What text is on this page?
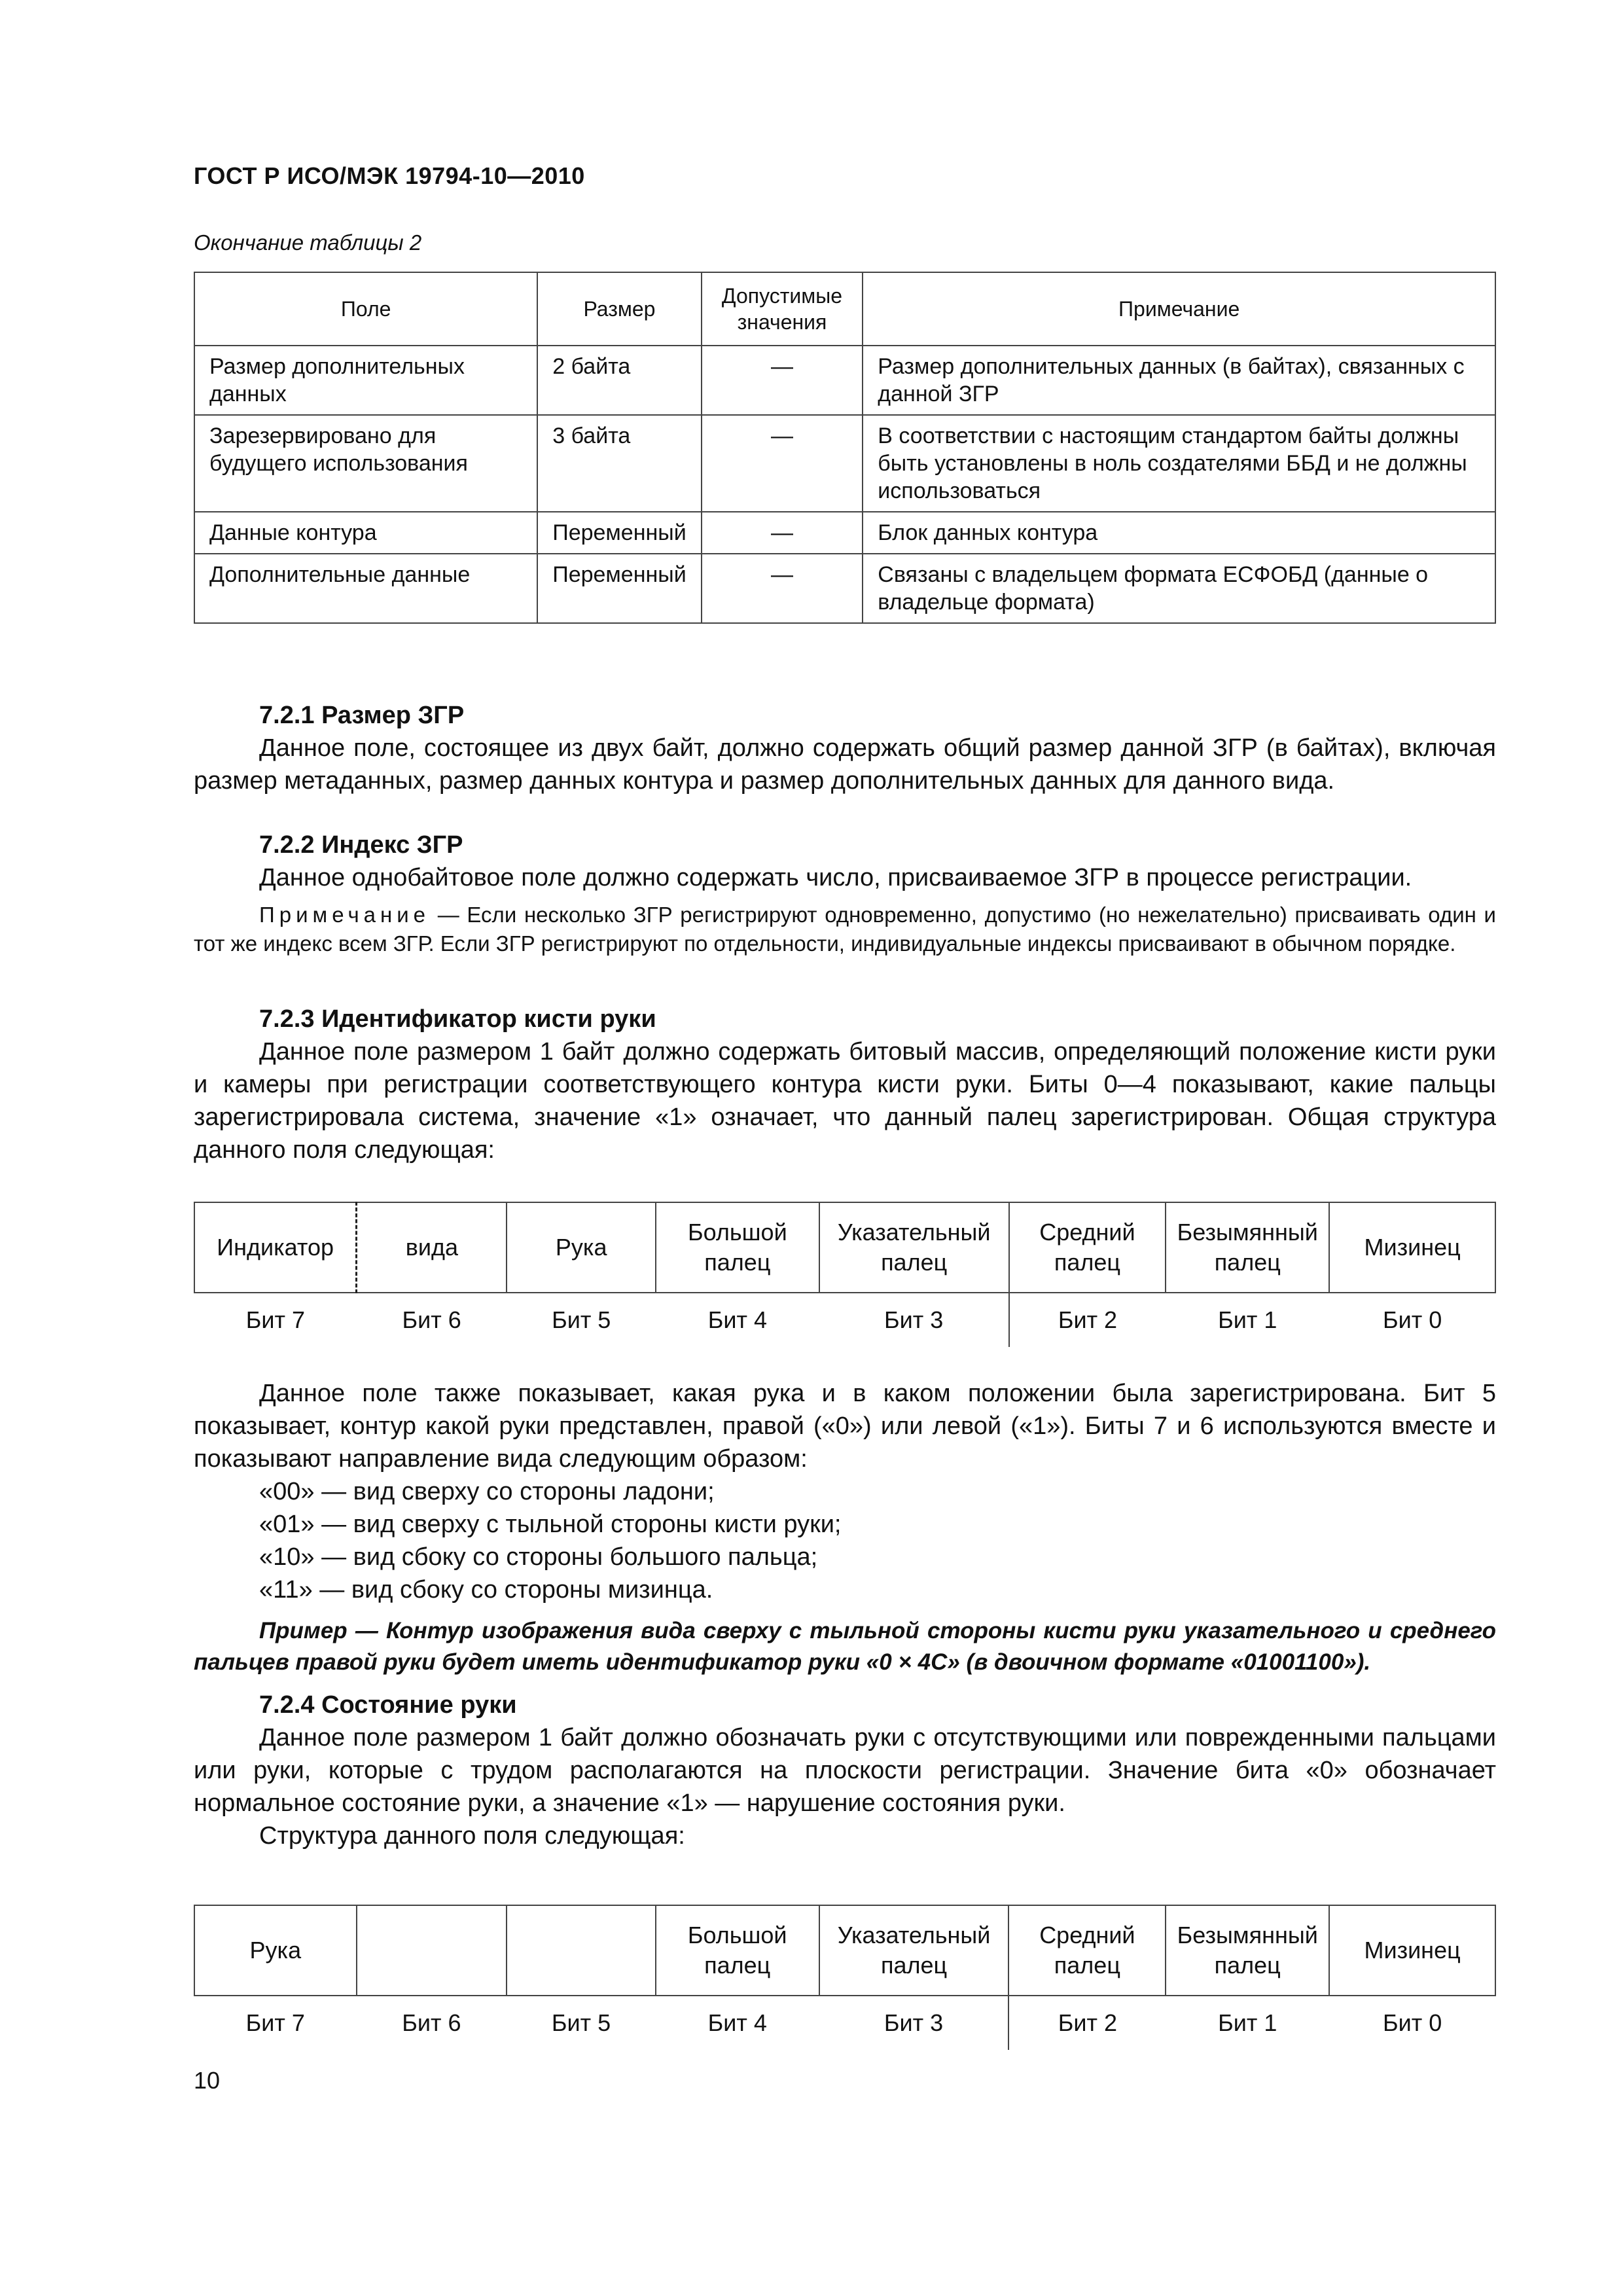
ГОСТ Р ИСО/МЭК 19794-10—2010
Окончание таблицы 2
Поле	Размер	Допустимые значения	Примечание
Размер дополнительных данных	2 байта	—	Размер дополнительных данных (в байтах), связанных с данной ЗГР
Зарезервировано для будущего использования	3 байта	—	В соответствии с настоящим стандартом байты должны быть установлены в ноль создателями ББД и не должны использоваться
Данные контура	Переменный	—	Блок данных контура
Дополнительные данные	Переменный	—	Связаны с владельцем формата ЕСФОБД (данные о владельце формата)
7.2.1 Размер ЗГР
Данное поле, состоящее из двух байт, должно содержать общий размер данной ЗГР (в байтах), включая размер метаданных, размер данных контура и размер дополнительных данных для данного вида.
7.2.2 Индекс ЗГР
Данное однобайтовое поле должно содержать число, присваиваемое ЗГР в процессе регистрации.
Примечание — Если несколько ЗГР регистрируют одновременно, допустимо (но нежелательно) присваивать один и тот же индекс всем ЗГР. Если ЗГР регистрируют по отдельности, индивидуальные индексы присваивают в обычном порядке.
7.2.3 Идентификатор кисти руки
Данное поле размером 1 байт должно содержать битовый массив, определяющий положение кисти руки и камеры при регистрации соответствующего контура кисти руки. Биты 0—4 показывают, какие пальцы зарегистрировала система, значение «1» означает, что данный палец зарегистрирован. Общая структура данного поля следующая:
Индикатор	вида	Рука	Большой палец	Указательный палец	Средний палец	Безымянный палец	Мизинец
Бит 7	Бит 6	Бит 5	Бит 4	Бит 3	Бит 2	Бит 1	Бит 0
Данное поле также показывает, какая рука и в каком положении была зарегистрирована. Бит 5 показывает, контур какой руки представлен, правой («0») или левой («1»). Биты 7 и 6 используются вместе и показывают направление вида следующим образом:
«00» — вид сверху со стороны ладони;
«01» — вид сверху с тыльной стороны кисти руки;
«10» — вид сбоку со стороны большого пальца;
«11» — вид сбоку со стороны мизинца.
Пример — Контур изображения вида сверху с тыльной стороны кисти руки указательного и среднего пальцев правой руки будет иметь идентификатор руки «0 × 4С» (в двоичном формате «01001100»).
7.2.4 Состояние руки
Данное поле размером 1 байт должно обозначать руки с отсутствующими или поврежденными пальцами или руки, которые с трудом располагаются на плоскости регистрации. Значение бита «0» обозначает нормальное состояние руки, а значение «1» — нарушение состояния руки.
Структура данного поля следующая:
Рука			Большой палец	Указательный палец	Средний палец	Безымянный палец	Мизинец
Бит 7	Бит 6	Бит 5	Бит 4	Бит 3	Бит 2	Бит 1	Бит 0
10
